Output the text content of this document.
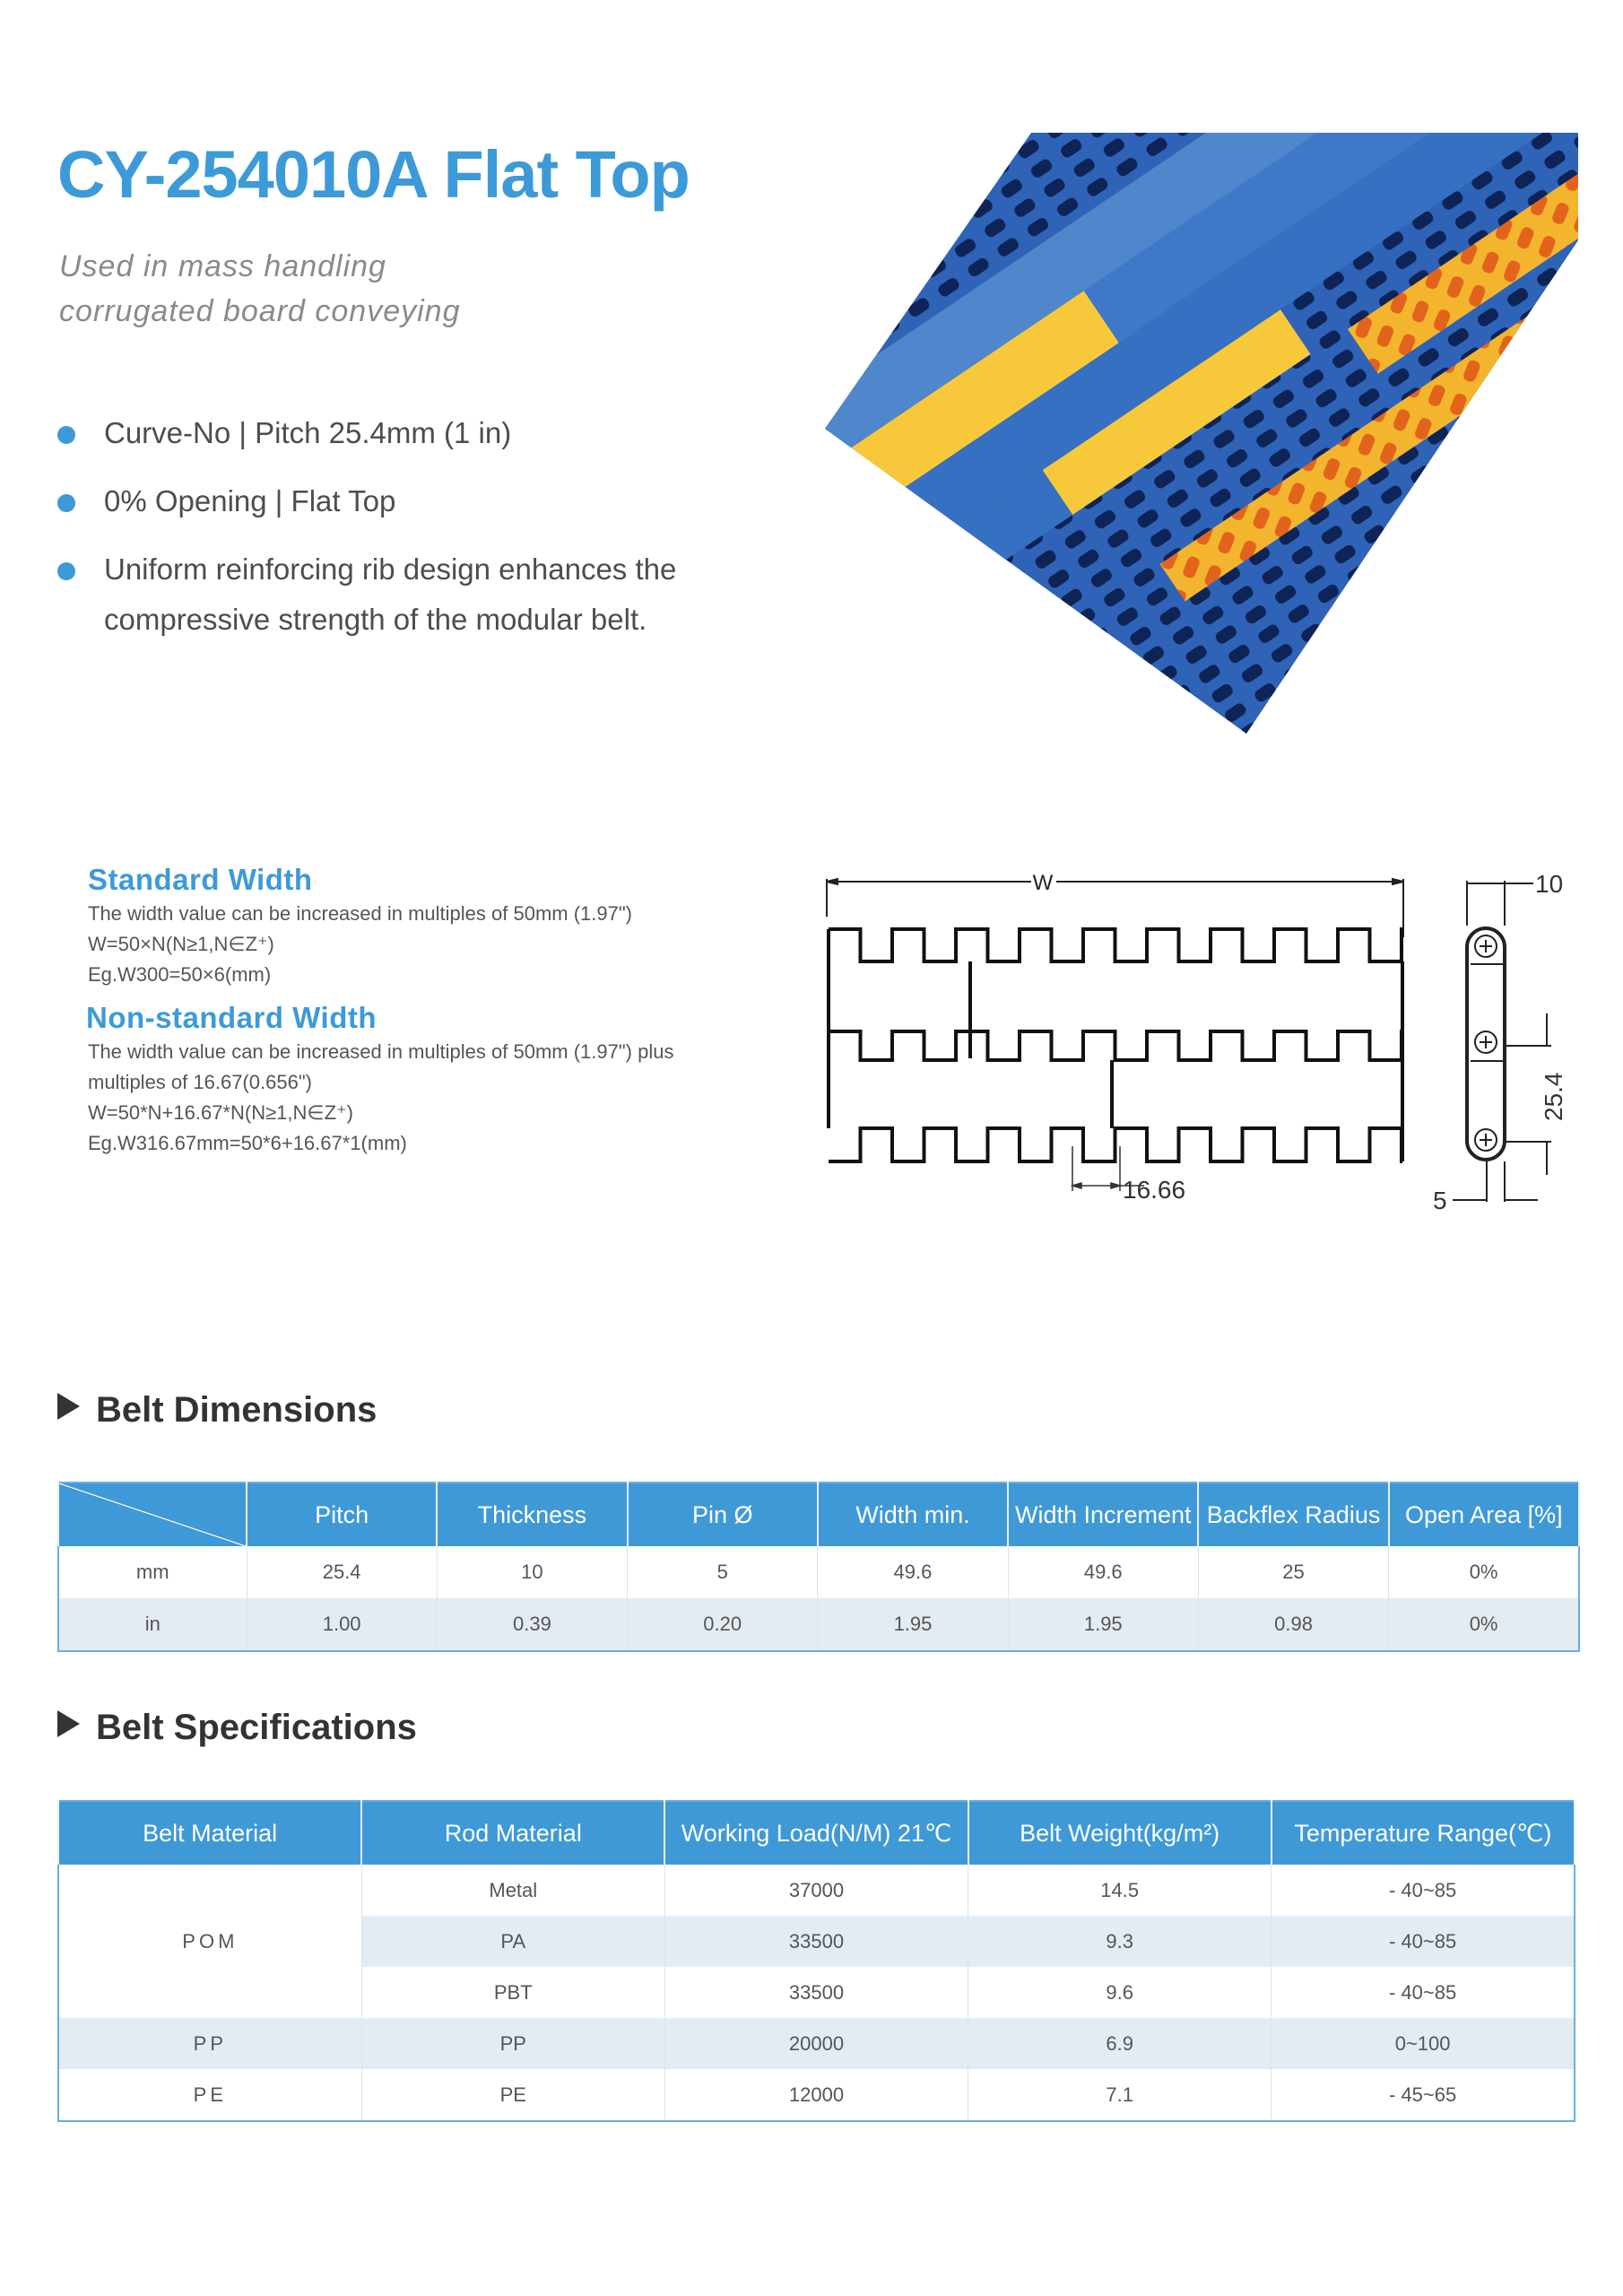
CY-254010A Flat Top
Used in mass handling
corrugated board conveying
Curve-No | Pitch 25.4mm (1 in)
0% Opening | Flat Top
Uniform reinforcing rib design enhances the compressive strength of the modular belt.
Standard Width

The width value can be increased in multiples of 50mm (1.97")

W=50×N(N≥1,N∈Z⁺)

Eg.W300=50×6(mm)

Non-standard Width

The width value can be increased in multiples of 50mm (1.97") plus

multiples of 16.67(0.656")

W=50*N+16.67*N(N≥1,N∈Z⁺)

Eg.W316.67mm=50*6+16.67*1(mm)

W
16.66
10
25.4
5
Belt Dimensions
	Pitch	Thickness	Pin Ø	Width min.	Width Increment	Backflex Radius	Open Area [%]
mm	25.4	10	5	49.6	49.6	25	0%
in	1.00	0.39	0.20	1.95	1.95	0.98	0%
Belt Specifications
Belt Material	Rod Material	Working Load(N/M) 21℃	Belt Weight(kg/m²)	Temperature Range(℃)
POM	Metal	37000	14.5	- 40~85
	PA	33500	9.3	- 40~85
	PBT	33500	9.6	- 40~85
PP	PP	20000	6.9	0~100
PE	PE	12000	7.1	- 45~65
